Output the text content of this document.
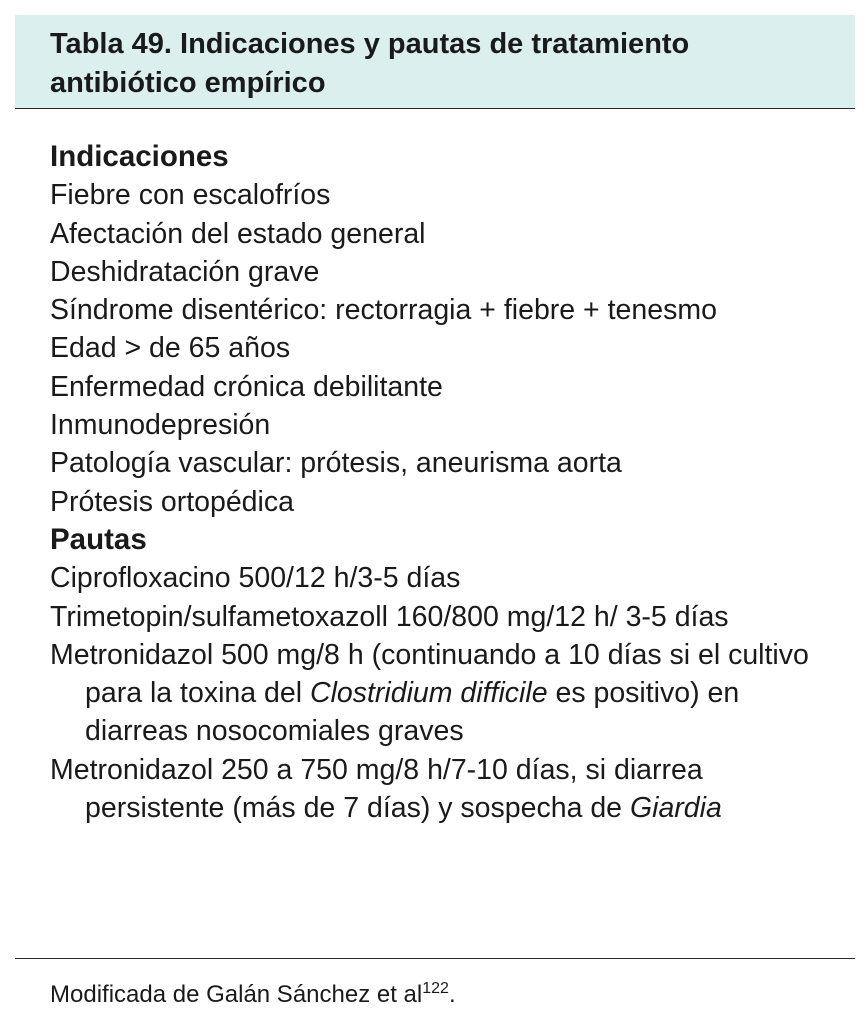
Tabla 49. Indicaciones y pautas de tratamiento antibiótico empírico
Indicaciones
Fiebre con escalofríos
Afectación del estado general
Deshidratación grave
Síndrome disentérico: rectorragia + fiebre + tenesmo
Edad > de 65 años
Enfermedad crónica debilitante
Inmunodepresión
Patología vascular: prótesis, aneurisma aorta
Prótesis ortopédica
Pautas
Ciprofloxacino 500/12 h/3-5 días
Trimetopin/sulfametoxazoll 160/800 mg/12 h/ 3-5 días
Metronidazol 500 mg/8 h (continuando a 10 días si el cultivo para la toxina del Clostridium difficile es positivo) en diarreas nosocomiales graves
Metronidazol 250 a 750 mg/8 h/7-10 días, si diarrea persistente (más de 7 días) y sospecha de Giardia
Modificada de Galán Sánchez et $al^{122}$.
